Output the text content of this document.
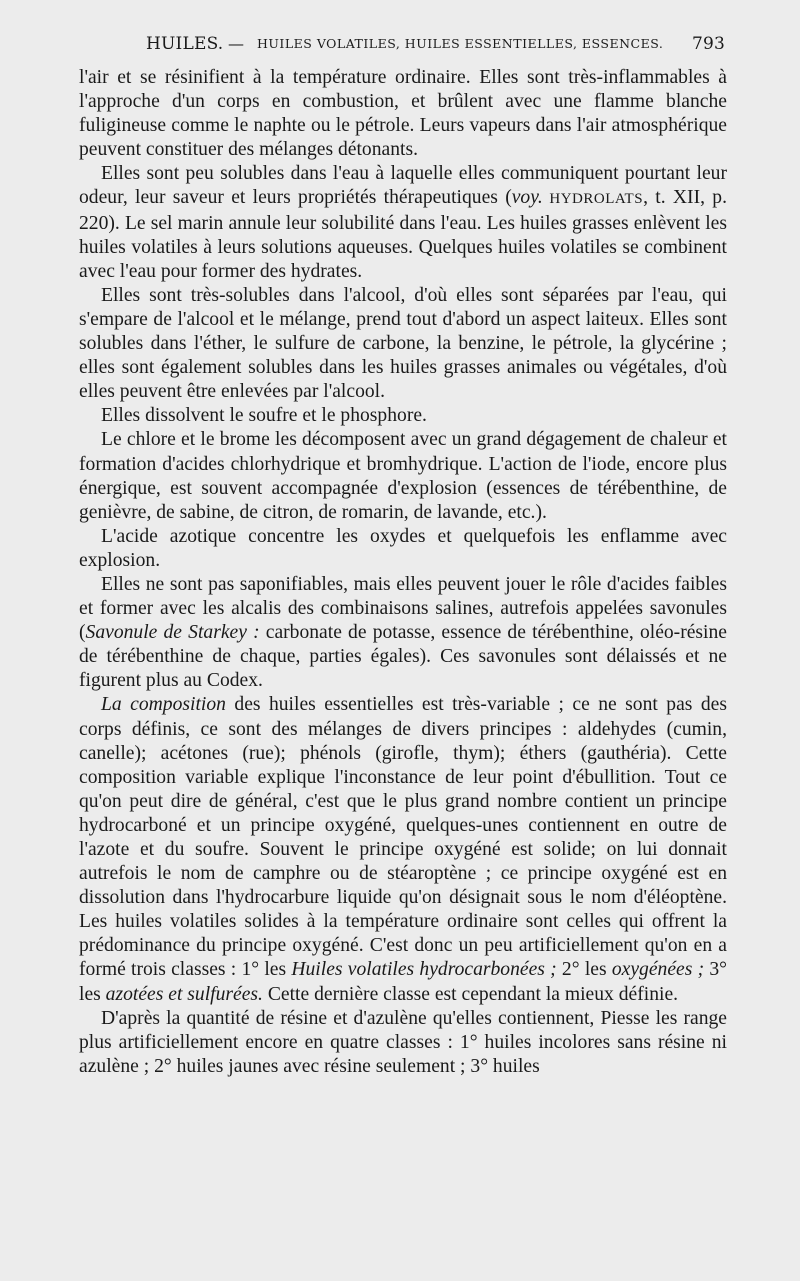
HUILES. — HUILES VOLATILES, HUILES ESSENTIELLES, ESSENCES. 793

l'air et se résinifient à la température ordinaire. Elles sont très-inflammables à l'approche d'un corps en combustion, et brûlent avec une flamme blanche fuligineuse comme le naphte ou le pétrole. Leurs vapeurs dans l'air atmosphérique peuvent constituer des mélanges détonants.

Elles sont peu solubles dans l'eau à laquelle elles communiquent pourtant leur odeur, leur saveur et leurs propriétés thérapeutiques (voy. HYDROLATS, t. XII, p. 220). Le sel marin annule leur solubilité dans l'eau. Les huiles grasses enlèvent les huiles volatiles à leurs solutions aqueuses. Quelques huiles volatiles se combinent avec l'eau pour former des hydrates.

Elles sont très-solubles dans l'alcool, d'où elles sont séparées par l'eau, qui s'empare de l'alcool et le mélange, prend tout d'abord un aspect laiteux. Elles sont solubles dans l'éther, le sulfure de carbone, la benzine, le pétrole, la glycérine ; elles sont également solubles dans les huiles grasses animales ou végétales, d'où elles peuvent être enlevées par l'alcool.

Elles dissolvent le soufre et le phosphore.

Le chlore et le brome les décomposent avec un grand dégagement de chaleur et formation d'acides chlorhydrique et bromhydrique. L'action de l'iode, encore plus énergique, est souvent accompagnée d'explosion (essences de térébenthine, de genièvre, de sabine, de citron, de romarin, de lavande, etc.).

L'acide azotique concentre les oxydes et quelquefois les enflamme avec explosion.

Elles ne sont pas saponifiables, mais elles peuvent jouer le rôle d'acides faibles et former avec les alcalis des combinaisons salines, autrefois appelées savonules (Savonule de Starkey : carbonate de potasse, essence de térébenthine, oléo-résine de térébenthine de chaque, parties égales). Ces savonules sont délaissés et ne figurent plus au Codex.

La composition des huiles essentielles est très-variable ; ce ne sont pas des corps définis, ce sont des mélanges de divers principes : aldehydes (cumin, canelle); acétones (rue); phénols (girofle, thym); éthers (gauthéria). Cette composition variable explique l'inconstance de leur point d'ébullition. Tout ce qu'on peut dire de général, c'est que le plus grand nombre contient un principe hydrocarboné et un principe oxygéné, quelques-unes contiennent en outre de l'azote et du soufre. Souvent le principe oxygéné est solide; on lui donnait autrefois le nom de camphre ou de stéaroptène ; ce principe oxygéné est en dissolution dans l'hydrocarbure liquide qu'on désignait sous le nom d'éléoptène. Les huiles volatiles solides à la température ordinaire sont celles qui offrent la prédominance du principe oxygéné. C'est donc un peu artificiellement qu'on en a formé trois classes : 1° les Huiles volatiles hydrocarbonées ; 2° les oxygénées ; 3° les azotées et sulfurées. Cette dernière classe est cependant la mieux définie.

D'après la quantité de résine et d'azulène qu'elles contiennent, Piesse les range plus artificiellement encore en quatre classes : 1° huiles incolores sans résine ni azulène ; 2° huiles jaunes avec résine seulement ; 3° huiles
